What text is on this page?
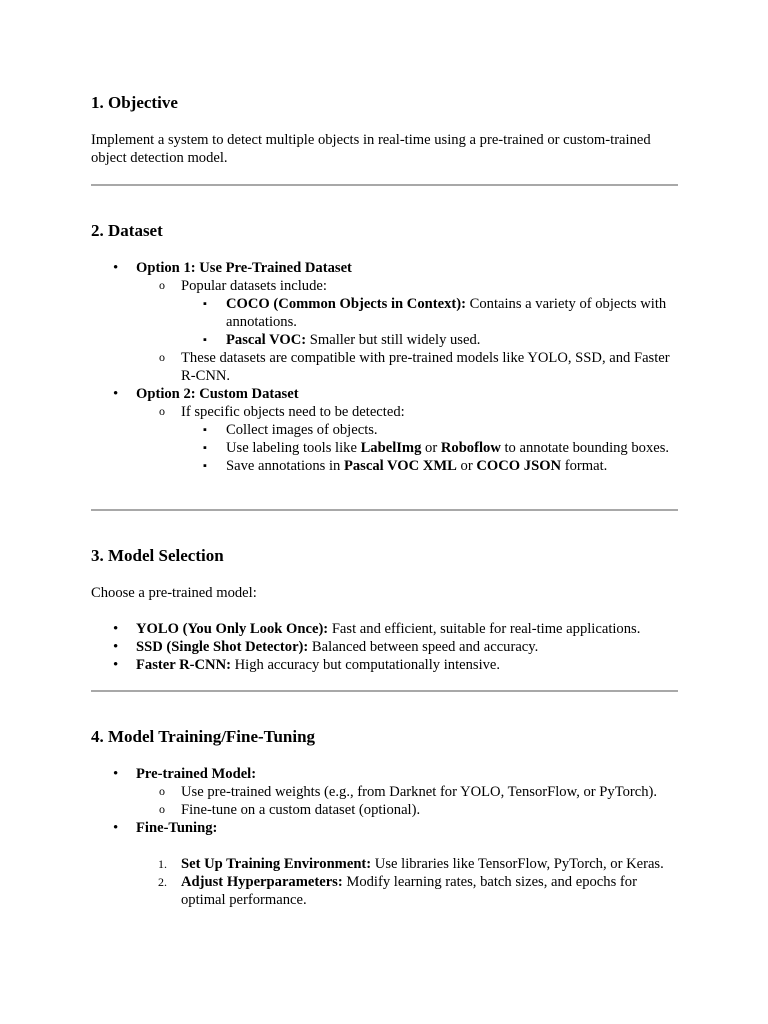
1. Objective

Implement a system to detect multiple objects in real-time using a pre-trained or custom-trained object detection model.

2. Dataset
• Option 1: Use Pre-Trained Dataset
o Popular datasets include:
▪ COCO (Common Objects in Context): Contains a variety of objects with annotations.
▪ Pascal VOC: Smaller but still widely used.
o These datasets are compatible with pre-trained models like YOLO, SSD, and Faster R-CNN.
• Option 2: Custom Dataset
o If specific objects need to be detected:
▪ Collect images of objects.
▪ Use labeling tools like LabelImg or Roboflow to annotate bounding boxes.
▪ Save annotations in Pascal VOC XML or COCO JSON format.
3. Model Selection

Choose a pre-trained model:

• YOLO (You Only Look Once): Fast and efficient, suitable for real-time applications.
• SSD (Single Shot Detector): Balanced between speed and accuracy.
• Faster R-CNN: High accuracy but computationally intensive.
4. Model Training/Fine-Tuning
• Pre-trained Model:
o Use pre-trained weights (e.g., from Darknet for YOLO, TensorFlow, or PyTorch).
o Fine-tune on a custom dataset (optional).
• Fine-Tuning:
1. Set Up Training Environment: Use libraries like TensorFlow, PyTorch, or Keras.
2. Adjust Hyperparameters: Modify learning rates, batch sizes, and epochs for optimal performance.
